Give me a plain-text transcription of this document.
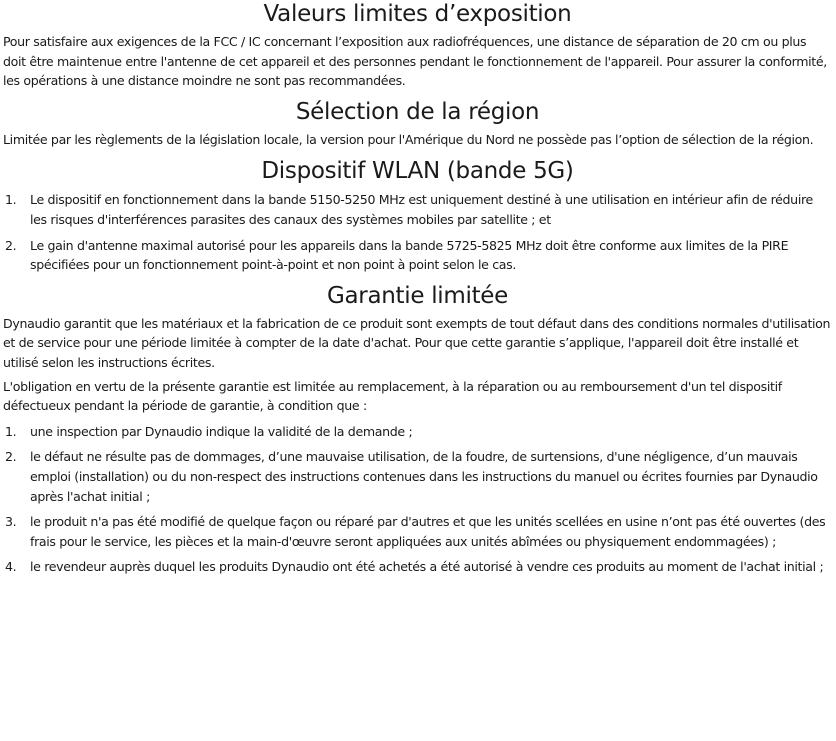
Valeurs limites d’exposition

Pour satisfaire aux exigences de la FCC / IC concernant l’exposition aux radiofréquences, une distance de séparation de 20 cm ou plus doit être maintenue entre l'antenne de cet appareil et des personnes pendant le fonctionnement de l'appareil. Pour assurer la conformité, les opérations à une distance moindre ne sont pas recommandées.

Sélection de la région

Limitée par les règlements de la législation locale, la version pour l'Amérique du Nord ne possède pas l’option de sélection de la région.

Dispositif WLAN (bande 5G)
1. Le dispositif en fonctionnement dans la bande 5150-5250 MHz est uniquement destiné à une utilisation en intérieur afin de réduire les risques d'interférences parasites des canaux des systèmes mobiles par satellite ; et
2. Le gain d'antenne maximal autorisé pour les appareils dans la bande 5725-5825 MHz doit être conforme aux limites de la PIRE spécifiées pour un fonctionnement point-à-point et non point à point selon le cas.
Garantie limitée

Dynaudio garantit que les matériaux et la fabrication de ce produit sont exempts de tout défaut dans des conditions normales d'utilisation et de service pour une période limitée à compter de la date d'achat. Pour que cette garantie s’applique, l'appareil doit être installé et utilisé selon les instructions écrites.

L'obligation en vertu de la présente garantie est limitée au remplacement, à la réparation ou au remboursement d'un tel dispositif défectueux pendant la période de garantie, à condition que :

1. une inspection par Dynaudio indique la validité de la demande ;
2. le défaut ne résulte pas de dommages, d’une mauvaise utilisation, de la foudre, de surtensions, d'une négligence, d’un mauvais emploi (installation) ou du non-respect des instructions contenues dans les instructions du manuel ou écrites fournies par Dynaudio après l'achat initial ;
3. le produit n'a pas été modifié de quelque façon ou réparé par d'autres et que les unités scellées en usine n’ont pas été ouvertes (des frais pour le service, les pièces et la main-d'œuvre seront appliquées aux unités abîmées ou physiquement endommagées) ;
4. le revendeur auprès duquel les produits Dynaudio ont été achetés a été autorisé à vendre ces produits au moment de l'achat initial ;
